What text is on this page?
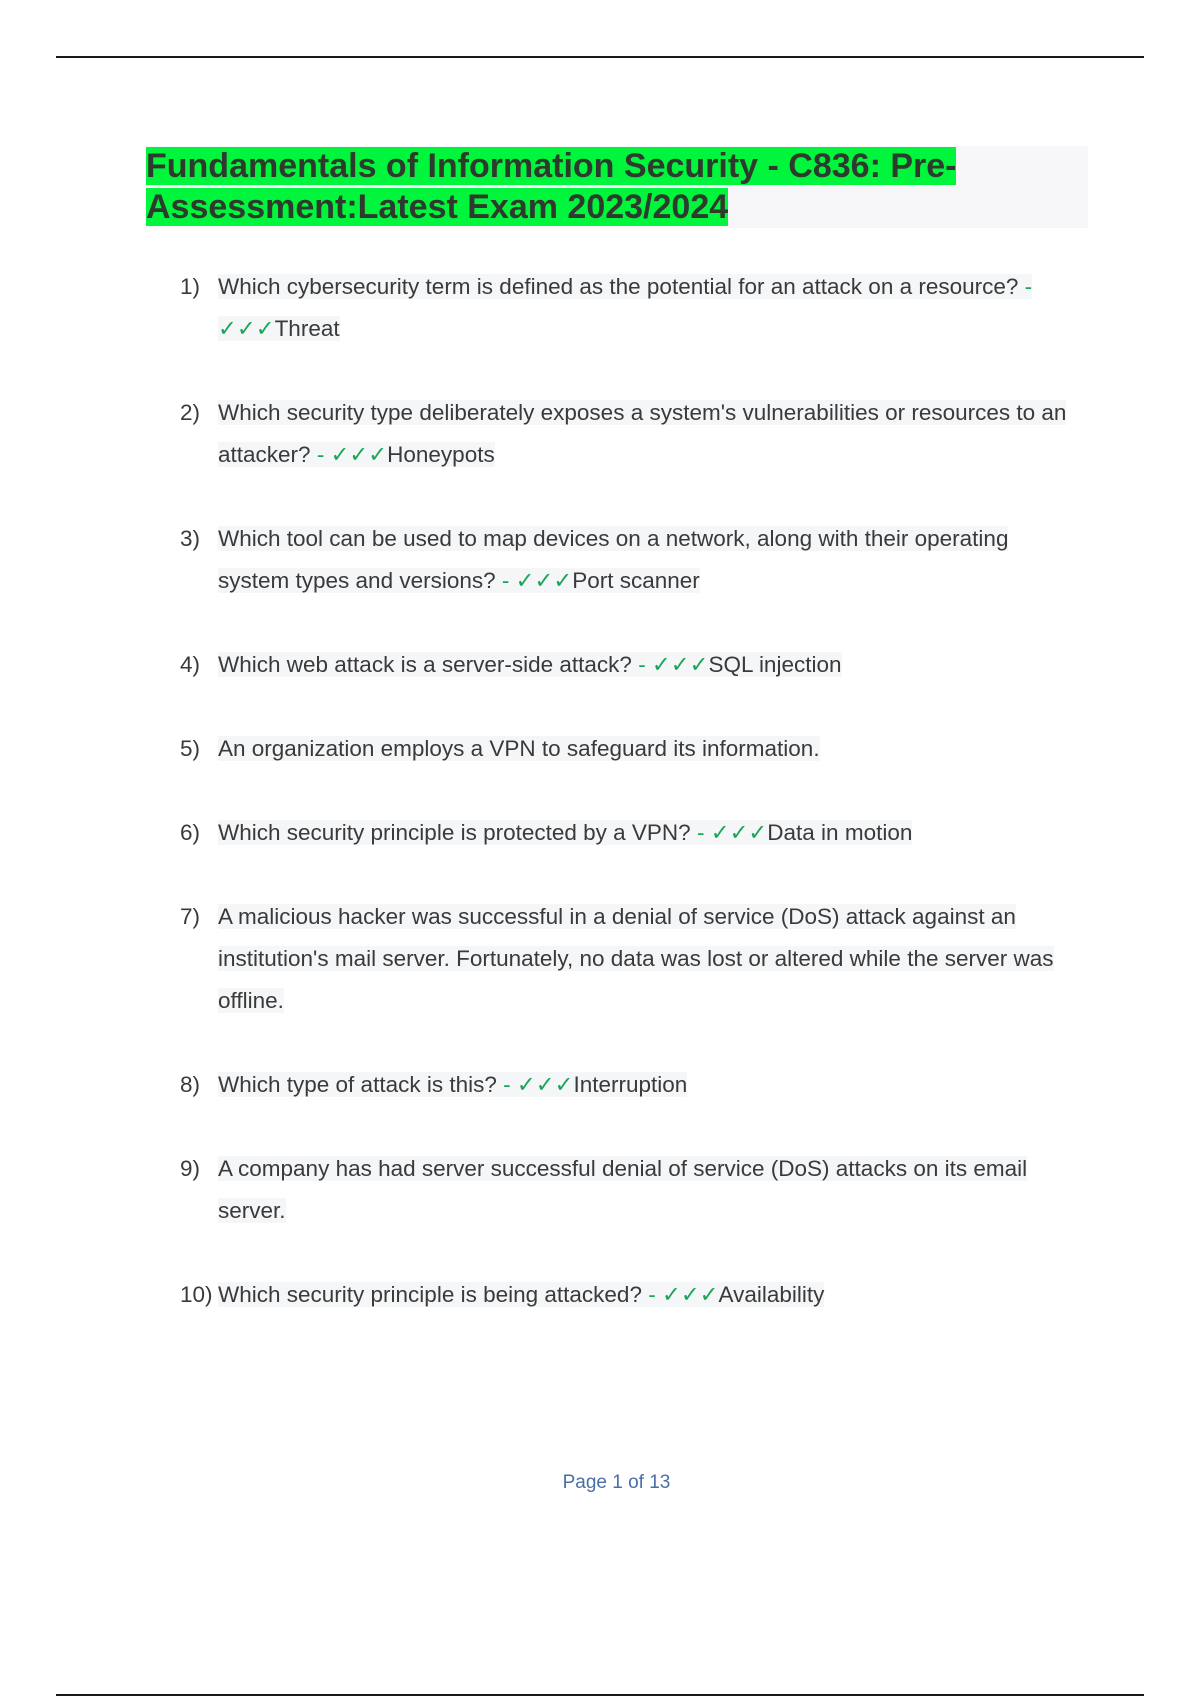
Fundamentals of Information Security - C836: Pre-Assessment:Latest Exam 2023/2024
1) Which cybersecurity term is defined as the potential for an attack on a resource? - ✓✓✓Threat
2) Which security type deliberately exposes a system's vulnerabilities or resources to an attacker? - ✓✓✓Honeypots
3) Which tool can be used to map devices on a network, along with their operating system types and versions? - ✓✓✓Port scanner
4) Which web attack is a server-side attack? - ✓✓✓SQL injection
5) An organization employs a VPN to safeguard its information.
6) Which security principle is protected by a VPN? - ✓✓✓Data in motion
7) A malicious hacker was successful in a denial of service (DoS) attack against an institution's mail server. Fortunately, no data was lost or altered while the server was offline.
8) Which type of attack is this? - ✓✓✓Interruption
9) A company has had server successful denial of service (DoS) attacks on its email server.
10) Which security principle is being attacked? - ✓✓✓Availability
Page 1 of 13
